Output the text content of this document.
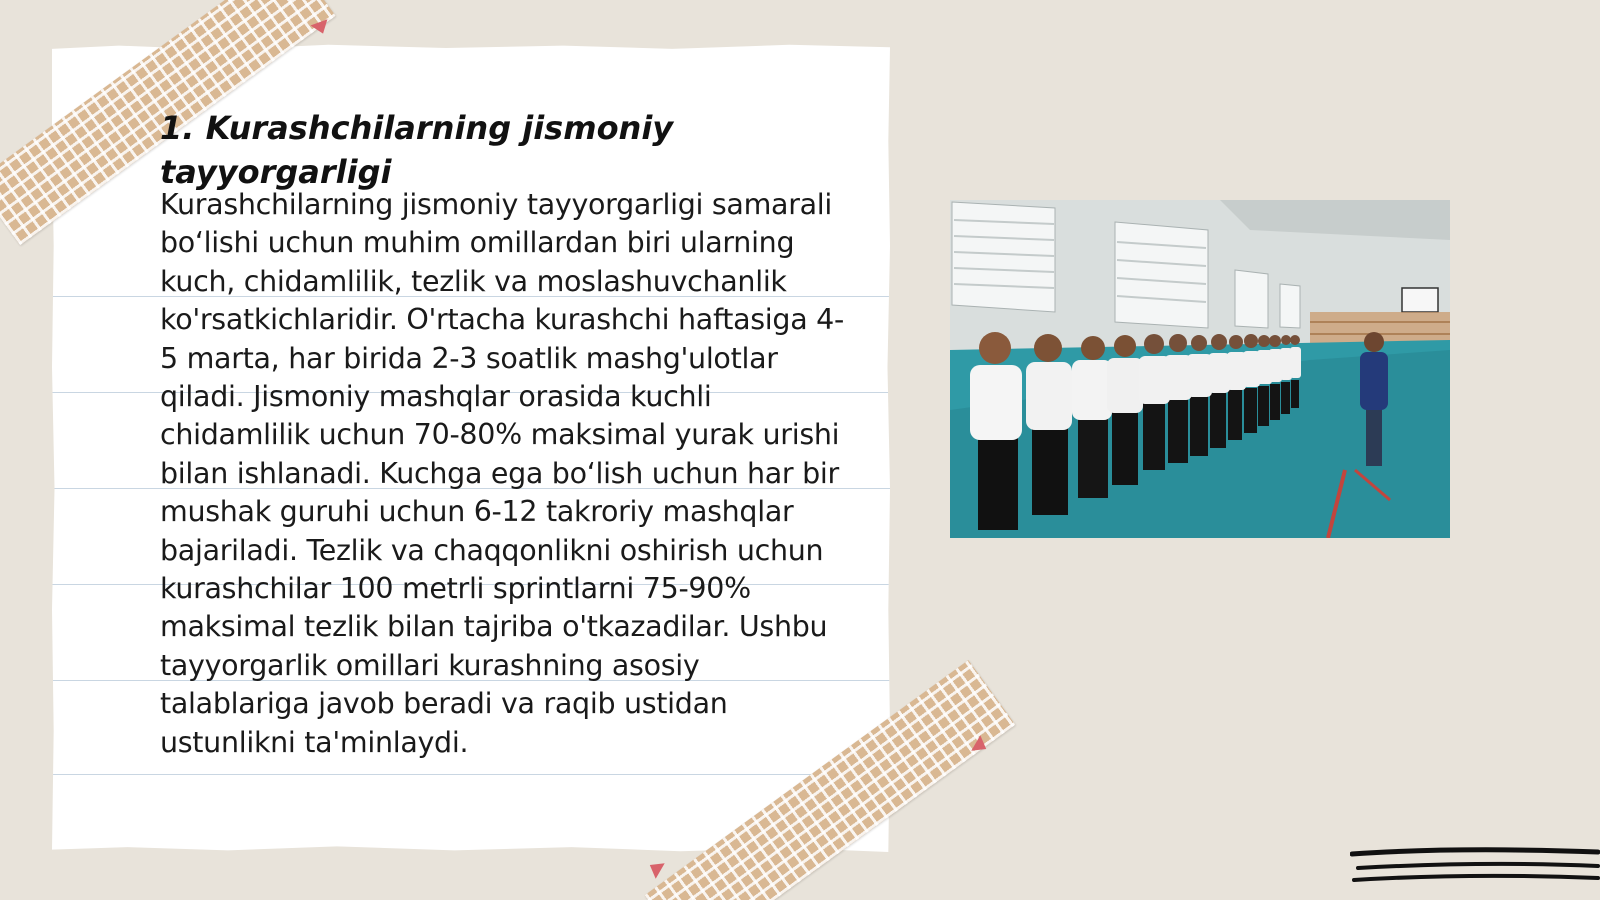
1. Kurashchilarning jismoniy tayyorgarligi

Kurashchilarning jismoniy tayyorgarligi samarali bo‘lishi uchun muhim omillardan biri ularning kuch, chidamlilik, tezlik va moslashuvchanlik ko'rsatkichlaridir. O'rtacha kurashchi haftasiga 4-5 marta, har birida 2-3 soatlik mashg'ulotlar qiladi. Jismoniy mashqlar orasida kuchli chidamlilik uchun 70-80% maksimal yurak urishi bilan ishlanadi. Kuchga ega bo‘lish uchun har bir mushak guruhi uchun 6-12 takroriy mashqlar bajariladi. Tezlik va chaqqonlikni oshirish uchun kurashchilar 100 metrli sprintlarni 75-90% maksimal tezlik bilan tajriba o'tkazadilar. Ushbu tayyorgarlik omillari kurashning asosiy talablariga javob beradi va raqib ustidan ustunlikni ta'minlaydi.
